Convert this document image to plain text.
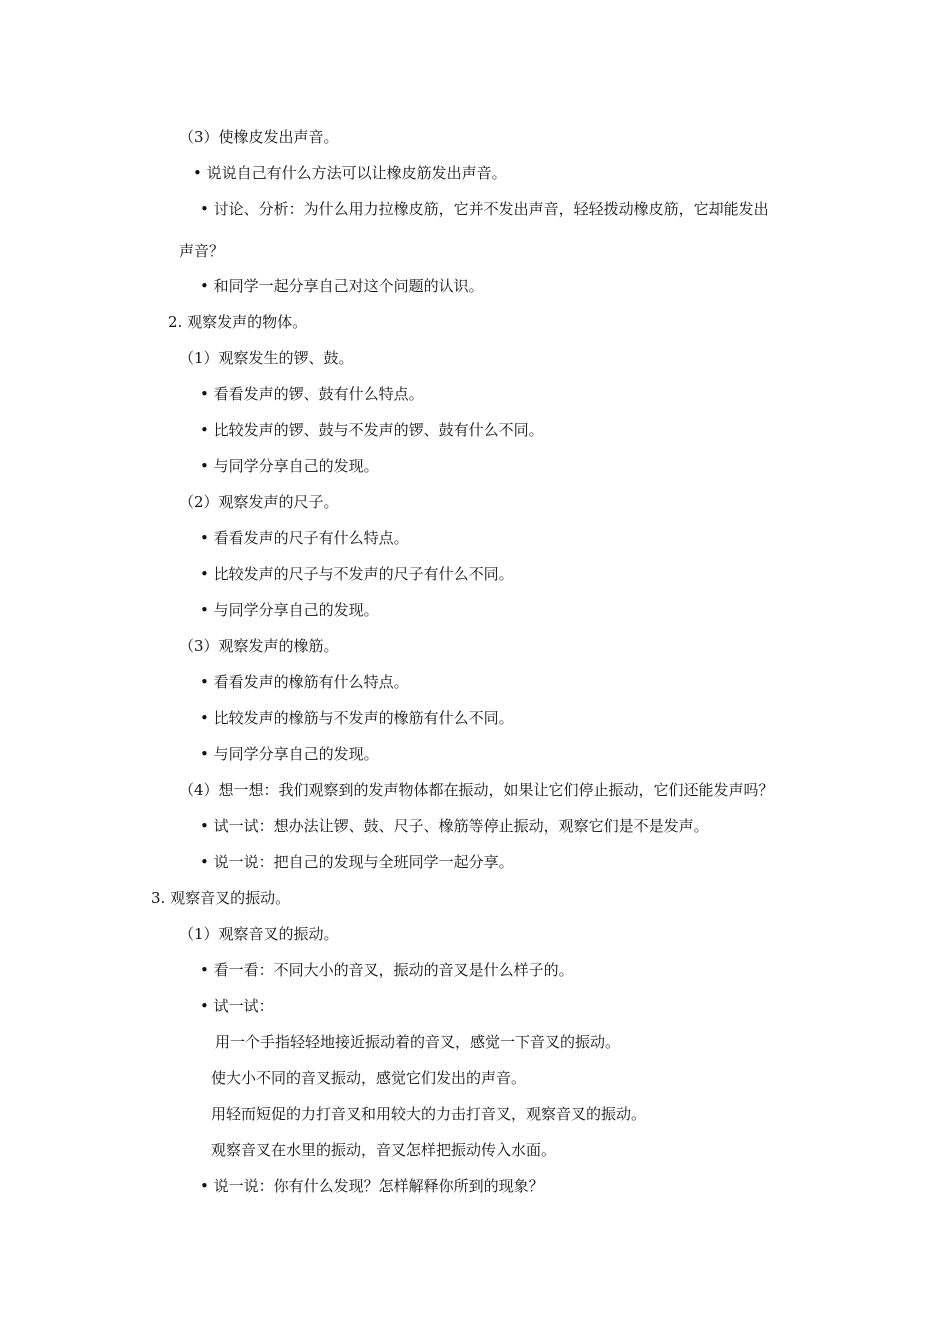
（3）使橡皮发出声音。
• 说说自己有什么方法可以让橡皮筋发出声音。
• 讨论、分析：为什么用力拉橡皮筋，它并不发出声音，轻轻拨动橡皮筋，它却能发出
声音？
• 和同学一起分享自己对这个问题的认识。
2. 观察发声的物体。
（1）观察发生的锣、鼓。
• 看看发声的锣、鼓有什么特点。
• 比较发声的锣、鼓与不发声的锣、鼓有什么不同。
• 与同学分享自己的发现。
（2）观察发声的尺子。
• 看看发声的尺子有什么特点。
• 比较发声的尺子与不发声的尺子有什么不同。
• 与同学分享自己的发现。
（3）观察发声的橡筋。
• 看看发声的橡筋有什么特点。
• 比较发声的橡筋与不发声的橡筋有什么不同。
• 与同学分享自己的发现。
（4）想一想：我们观察到的发声物体都在振动，如果让它们停止振动，它们还能发声吗？
• 试一试：想办法让锣、鼓、尺子、橡筋等停止振动，观察它们是不是发声。
• 说一说：把自己的发现与全班同学一起分享。
3. 观察音叉的振动。
（1）观察音叉的振动。
• 看一看：不同大小的音叉，振动的音叉是什么样子的。
• 试一试：
用一个手指轻轻地接近振动着的音叉，感觉一下音叉的振动。
使大小不同的音叉振动，感觉它们发出的声音。
用轻而短促的力打音叉和用较大的力击打音叉，观察音叉的振动。
观察音叉在水里的振动，音叉怎样把振动传入水面。
• 说一说：你有什么发现？怎样解释你所到的现象？
